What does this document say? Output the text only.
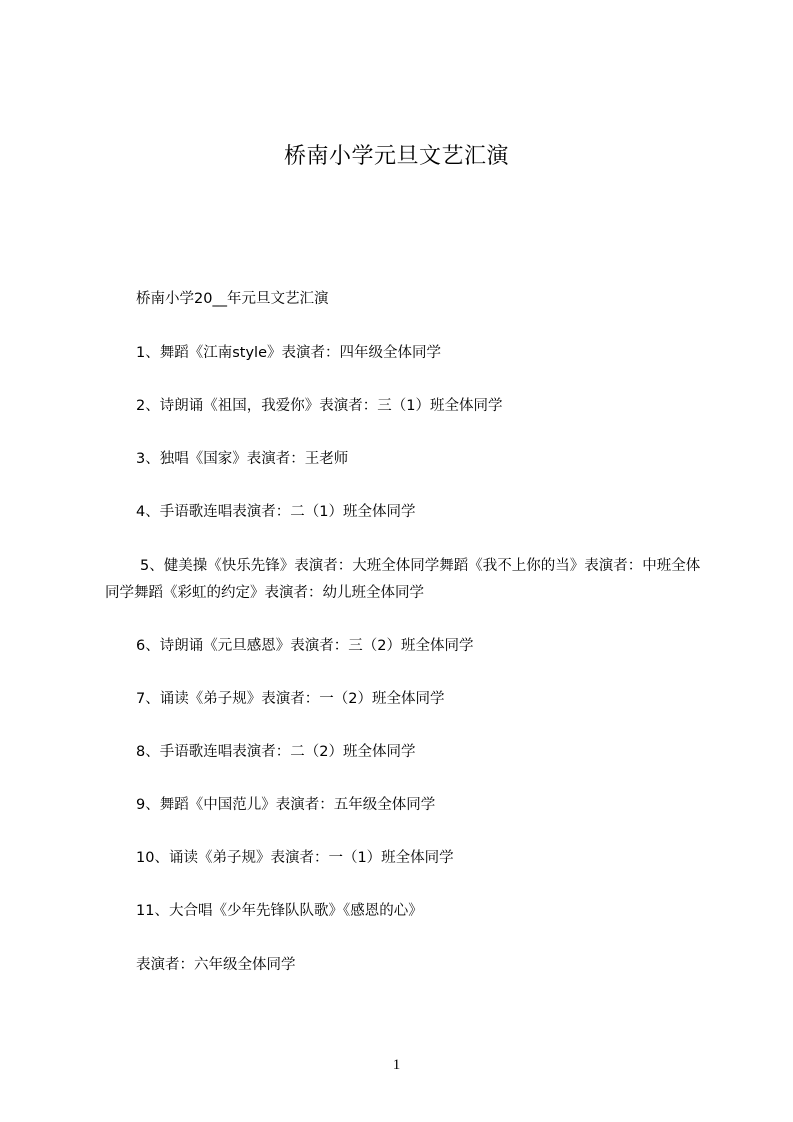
桥南小学元旦文艺汇演
桥南小学20__年元旦文艺汇演
1、舞蹈《江南style》表演者：四年级全体同学
2、诗朗诵《祖国，我爱你》表演者：三（1）班全体同学
3、独唱《国家》表演者：王老师
4、手语歌连唱表演者：二（1）班全体同学
5、健美操《快乐先锋》表演者：大班全体同学舞蹈《我不上你的当》表演者：中班全体同学舞蹈《彩虹的约定》表演者：幼儿班全体同学
6、诗朗诵《元旦感恩》表演者：三（2）班全体同学
7、诵读《弟子规》表演者：一（2）班全体同学
8、手语歌连唱表演者：二（2）班全体同学
9、舞蹈《中国范儿》表演者：五年级全体同学
10、诵读《弟子规》表演者：一（1）班全体同学
11、大合唱《少年先锋队队歌》《感恩的心》
表演者：六年级全体同学
1
